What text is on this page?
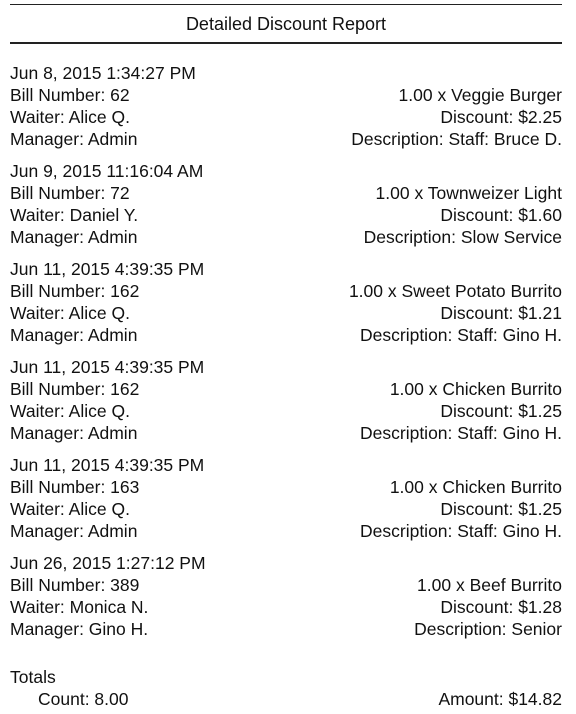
Detailed Discount Report
Jun 8, 2015 1:34:27 PM
Bill Number: 62
Waiter: Alice Q.
Manager: Admin
1.00 x Veggie Burger
Discount: $2.25
Description: Staff: Bruce D.
Jun 9, 2015 11:16:04 AM
Bill Number: 72
Waiter: Daniel Y.
Manager: Admin
1.00 x Townweizer Light
Discount: $1.60
Description: Slow Service
Jun 11, 2015 4:39:35 PM
Bill Number: 162
Waiter: Alice Q.
Manager: Admin
1.00 x Sweet Potato Burrito
Discount: $1.21
Description: Staff: Gino H.
Jun 11, 2015 4:39:35 PM
Bill Number: 162
Waiter: Alice Q.
Manager: Admin
1.00 x Chicken Burrito
Discount: $1.25
Description: Staff: Gino H.
Jun 11, 2015 4:39:35 PM
Bill Number: 163
Waiter: Alice Q.
Manager: Admin
1.00 x Chicken Burrito
Discount: $1.25
Description: Staff: Gino H.
Jun 26, 2015 1:27:12 PM
Bill Number: 389
Waiter: Monica N.
Manager: Gino H.
1.00 x Beef Burrito
Discount: $1.28
Description: Senior
Totals
Count: 8.00	Amount: $14.82
